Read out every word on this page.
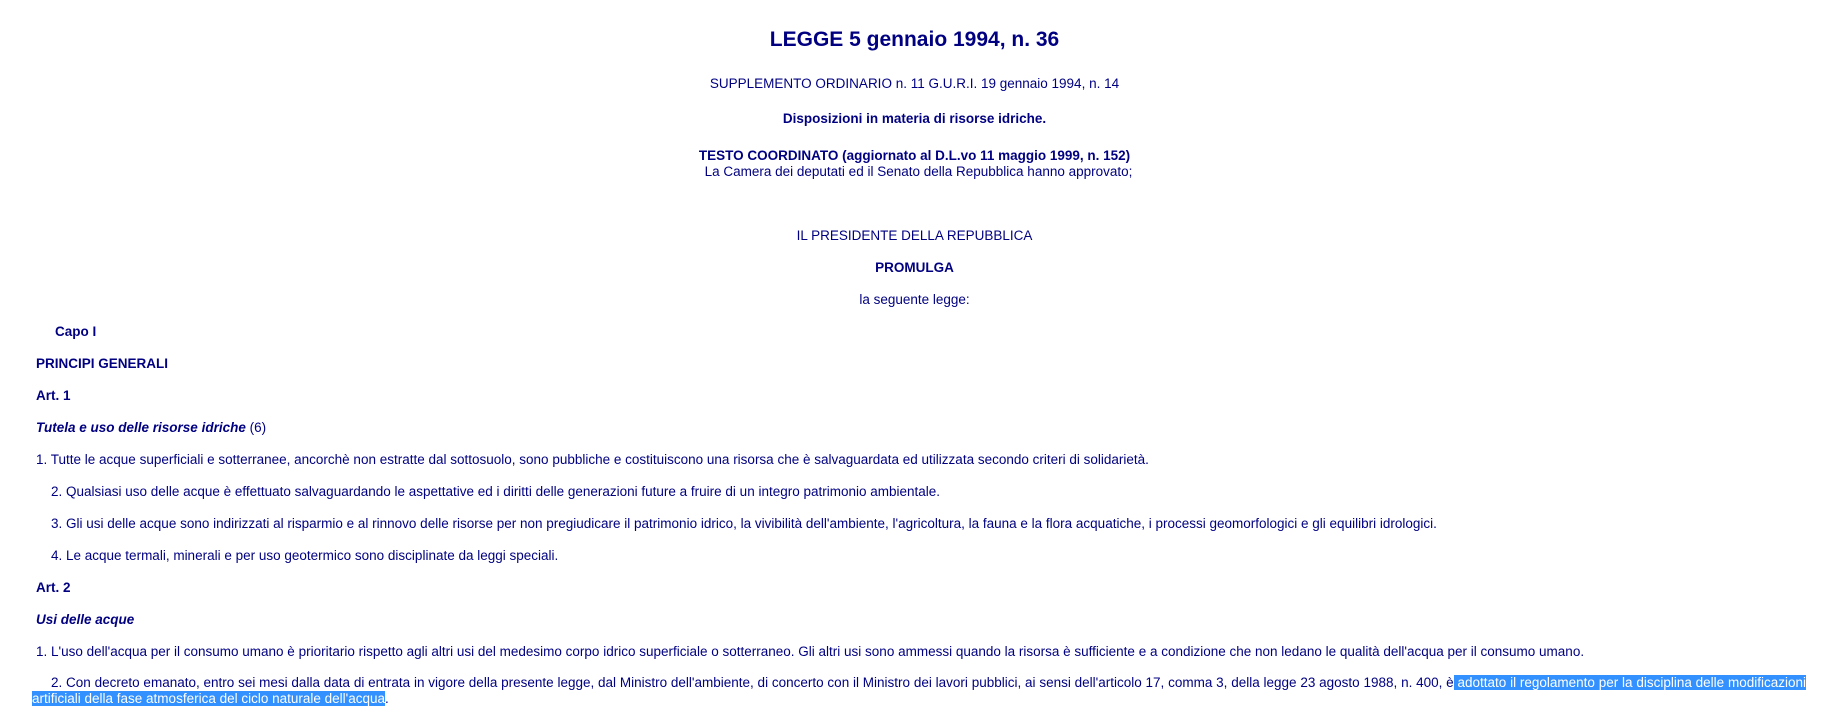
LEGGE 5 gennaio 1994, n. 36
SUPPLEMENTO ORDINARIO n. 11 G.U.R.I. 19 gennaio 1994, n. 14
Disposizioni in materia di risorse idriche.
TESTO COORDINATO (aggiornato al D.L.vo 11 maggio 1999, n. 152)
La Camera dei deputati ed il Senato della Repubblica hanno approvato;
IL PRESIDENTE DELLA REPUBBLICA
PROMULGA
la seguente legge:
Capo I
PRINCIPI GENERALI
Art. 1
Tutela e uso delle risorse idriche (6)
1. Tutte le acque superficiali e sotterranee, ancorchè non estratte dal sottosuolo, sono pubbliche e costituiscono una risorsa che è salvaguardata ed utilizzata secondo criteri di solidarietà.
2. Qualsiasi uso delle acque è effettuato salvaguardando le aspettative ed i diritti delle generazioni future a fruire di un integro patrimonio ambientale.
3. Gli usi delle acque sono indirizzati al risparmio e al rinnovo delle risorse per non pregiudicare il patrimonio idrico, la vivibilità dell'ambiente, l'agricoltura, la fauna e la flora acquatiche, i processi geomorfologici e gli equilibri idrologici.
4. Le acque termali, minerali e per uso geotermico sono disciplinate da leggi speciali.
Art. 2
Usi delle acque
1. L'uso dell'acqua per il consumo umano è prioritario rispetto agli altri usi del medesimo corpo idrico superficiale o sotterraneo. Gli altri usi sono ammessi quando la risorsa è sufficiente e a condizione che non ledano le qualità dell'acqua per il consumo umano.
2. Con decreto emanato, entro sei mesi dalla data di entrata in vigore della presente legge, dal Ministro dell'ambiente, di concerto con il Ministro dei lavori pubblici, ai sensi dell'articolo 17, comma 3, della legge 23 agosto 1988, n. 400, è adottato il regolamento per la disciplina delle modificazioni artificiali della fase atmosferica del ciclo naturale dell'acqua.
